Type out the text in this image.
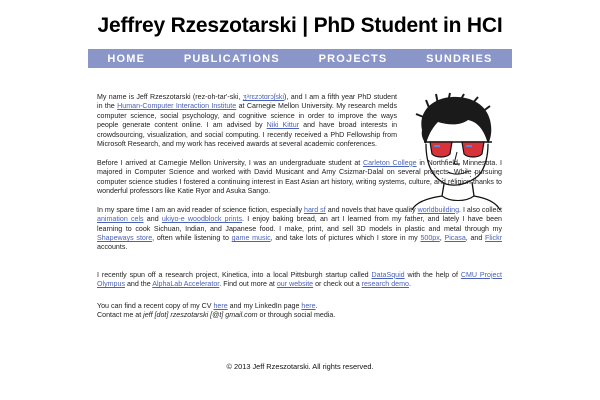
Jeffrey Rzeszotarski | PhD Student in HCI
HOME	PUBLICATIONS	PROJECTS	SUNDRIES

My name is Jeff Rzeszotarski (rez-oh-tar'-ski, ʒᵊrɛzɔtɑrɔʃski), and I am a fifth year PhD student in the Human-Computer Interaction Institute at Carnegie Mellon University. My research melds computer science, social psychology, and cognitive science in order to improve the ways people generate content online. I am advised by Niki Kittur and have broad interests in crowdsourcing, visualization, and social computing. I recently received a PhD Fellowship from Microsoft Research, and my work has received awards at several academic conferences.

Before I arrived at Carnegie Mellon University, I was an undergraduate student at Carleton College in Northfield, Minnesota. I majored in Computer Science and worked with David Musicant and Amy Csizmar-Dalal on several projects. While pursuing computer science studies I fostered a continuing interest in East Asian art history, writing systems, culture, and religion thanks to wonderful professors like Katie Ryor and Asuka Sango.

In my spare time I am an avid reader of science fiction, especially hard sf and novels that have quality worldbuilding. I also collect animation cels and ukiyo-e woodblock prints. I enjoy baking bread, an art I learned from my father, and lately I have been learning to cook Sichuan, Indian, and Japanese food. I make, print, and sell 3D models in plastic and metal through my Shapeways store, often while listening to game music, and take lots of pictures which I store in my 500px, Picasa, and Flickr accounts.

I recently spun off a research project, Kinetica, into a local Pittsburgh startup called DataSquid with the help of CMU Project Olympus and the AlphaLab Accelerator. Find out more at our website or check out a research demo.

You can find a recent copy of my CV here and my LinkedIn page here.
Contact me at jeff [dot] rzeszotarski [@t] gmail.com or through social media.

© 2013 Jeff Rzeszotarski. All rights reserved.
